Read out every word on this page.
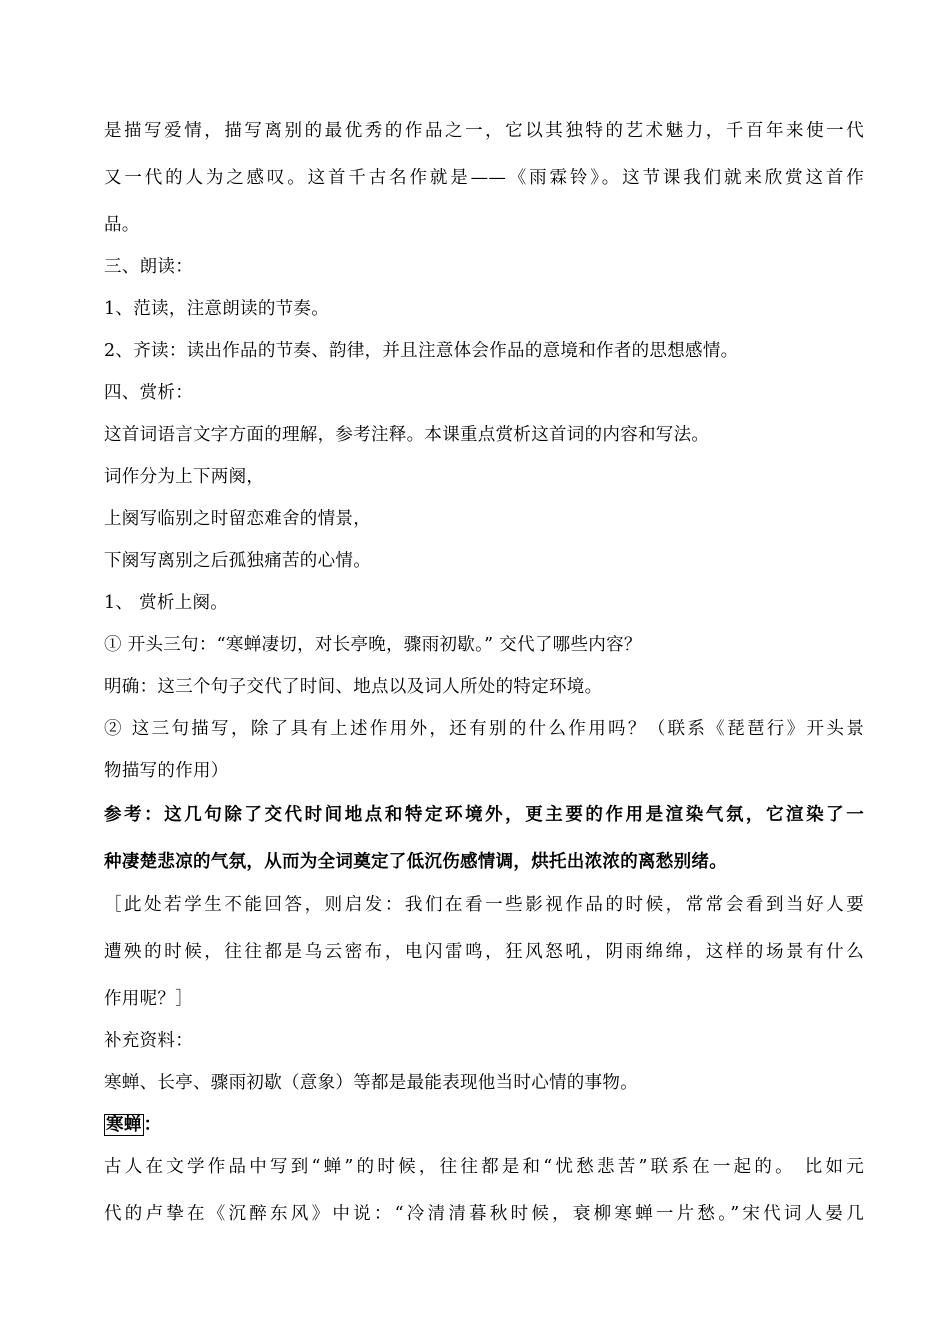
是描写爱情，描写离别的最优秀的作品之一，它以其独特的艺术魅力，千百年来使一代
又一代的人为之感叹。这首千古名作就是——《雨霖铃》。这节课我们就来欣赏这首作
品。
三、朗读：
1、范读，注意朗读的节奏。
2、齐读：读出作品的节奏、韵律，并且注意体会作品的意境和作者的思想感情。
四、赏析：
这首词语言文字方面的理解，参考注释。本课重点赏析这首词的内容和写法。
词作分为上下两阕，
上阕写临别之时留恋难舍的情景，
下阕写离别之后孤独痛苦的心情。
1、 赏析上阕。
① 开头三句：“寒蝉凄切，对长亭晚，骤雨初歇。” 交代了哪些内容？
明确：这三个句子交代了时间、地点以及词人所处的特定环境。
② 这三句描写，除了具有上述作用外，还有别的什么作用吗？（联系《琵琶行》开头景
物描写的作用）
参考：这几句除了交代时间地点和特定环境外，更主要的作用是渲染气氛，它渲染了一
种凄楚悲凉的气氛，从而为全词奠定了低沉伤感情调，烘托出浓浓的离愁别绪。
［此处若学生不能回答，则启发：我们在看一些影视作品的时候，常常会看到当好人要
遭殃的时候，往往都是乌云密布，电闪雷鸣，狂风怒吼，阴雨绵绵，这样的场景有什么
作用呢？］
补充资料：
寒蝉、长亭、骤雨初歇（意象）等都是最能表现他当时心情的事物。
寒蝉 ：
古人在文学作品中写到“蝉”的时候，往往都是和“忧愁悲苦”联系在一起的。 比如元
代的卢挚在《沉醉东风》中说：“冷清清暮秋时候，衰柳寒蝉一片愁。”宋代词人晏几
